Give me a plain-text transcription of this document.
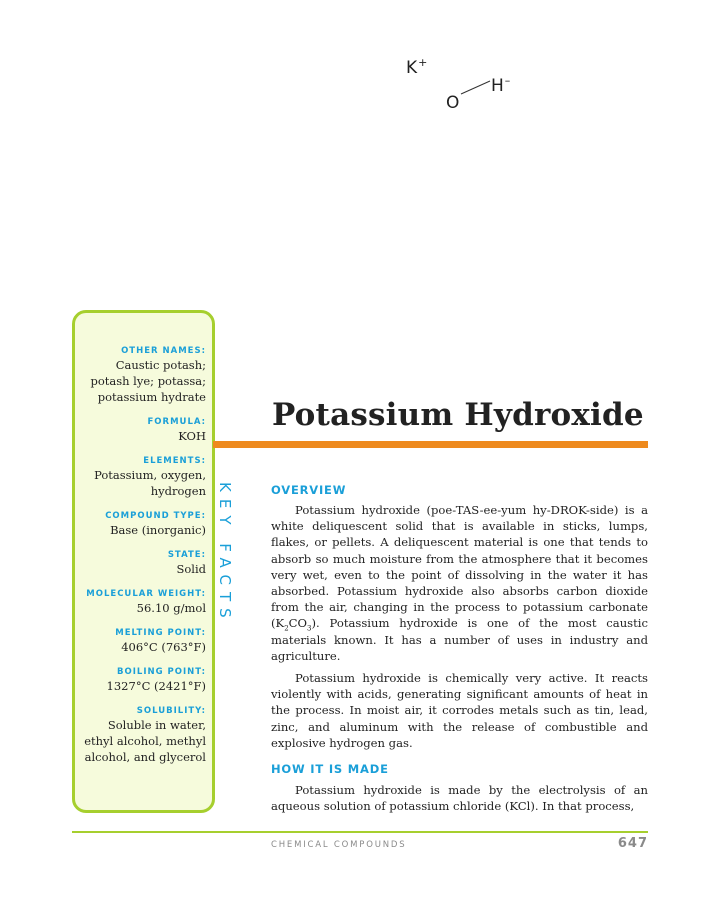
K+
H–
O
OTHER NAMES:
Caustic potash; potash lye; potassa; potassium hydrate
FORMULA:
KOH
ELEMENTS:
Potassium, oxygen, hydrogen
COMPOUND TYPE:
Base (inorganic)
STATE:
Solid
MOLECULAR WEIGHT:
56.10 g/mol
MELTING POINT:
406°C (763°F)
BOILING POINT:
1327°C (2421°F)
SOLUBILITY:
Soluble in water, ethyl alcohol, methyl alcohol, and glycerol
KEY FACTS
Potassium Hydroxide
OVERVIEW

Potassium hydroxide (poe-TAS-ee-yum hy-DROK-side) is a white deliquescent solid that is available in sticks, lumps, flakes, or pellets. A deliquescent material is one that tends to absorb so much moisture from the atmosphere that it becomes very wet, even to the point of dissolving in the water it has absorbed. Potassium hydroxide also absorbs carbon dioxide from the air, changing in the process to potassium carbonate $(K_2CO_3)$. Potassium hydroxide is one of the most caustic materials known. It has a number of uses in industry and agriculture.

Potassium hydroxide is chemically very active. It reacts violently with acids, generating significant amounts of heat in the process. In moist air, it corrodes metals such as tin, lead, zinc, and aluminum with the release of combustible and explosive hydrogen gas.

HOW IT IS MADE

Potassium hydroxide is made by the electrolysis of an aqueous solution of potassium chloride (KCl). In that process,

CHEMICAL COMPOUNDS	647
